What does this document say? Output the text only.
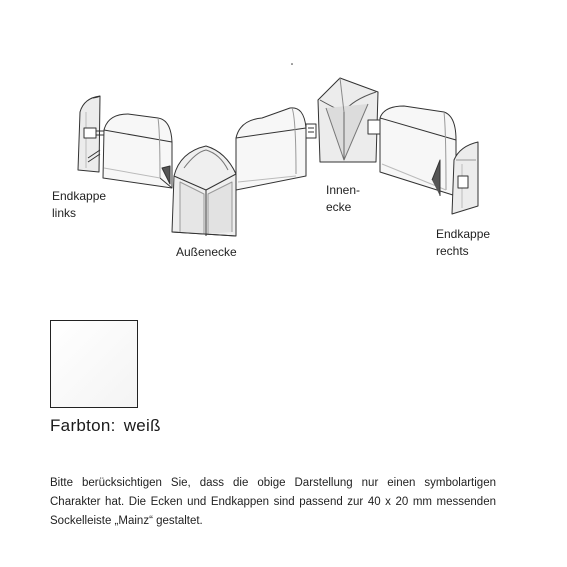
Endkappe
links
Außenecke
Innen-
ecke
Endkappe
rechts
Farbton: weiß
Bitte berücksichtigen Sie, dass die obige Darstellung nur einen symbolartigen Charakter hat. Die Ecken und Endkappen sind passend zur 40 x 20 mm messenden Sockelleiste „Mainz“ gestaltet.
